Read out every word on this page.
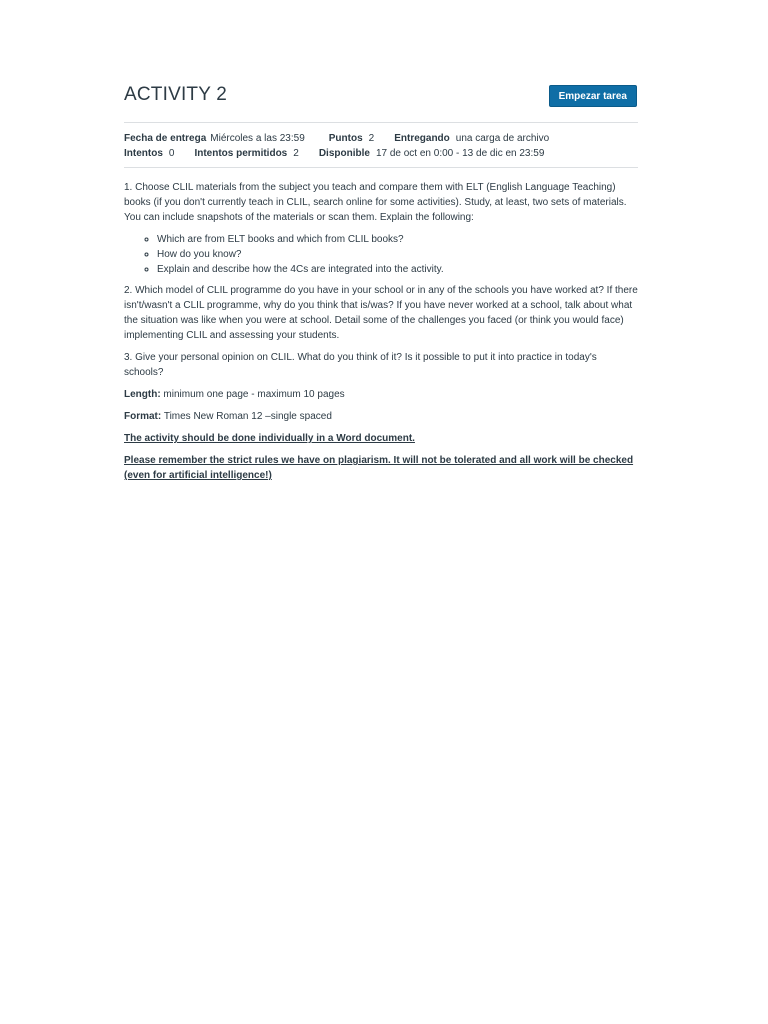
ACTIVITY 2	Empezar tarea
Fecha de entrega Miércoles a las 23:59 Puntos 2 Entregando una carga de archivo
Intentos 0 Intentos permitidos 2 Disponible 17 de oct en 0:00 - 13 de dic en 23:59

1. Choose CLIL materials from the subject you teach and compare them with ELT (English Language Teaching) books (if you don't currently teach in CLIL, search online for some activities). Study, at least, two sets of materials. You can include snapshots of the materials or scan them. Explain the following:

◦ Which are from ELT books and which from CLIL books?
◦ How do you know?
◦ Explain and describe how the 4Cs are integrated into the activity.

2. Which model of CLIL programme do you have in your school or in any of the schools you have worked at? If there isn't/wasn't a CLIL programme, why do you think that is/was? If you have never worked at a school, talk about what the situation was like when you were at school. Detail some of the challenges you faced (or think you would face) implementing CLIL and assessing your students.

3. Give your personal opinion on CLIL. What do you think of it? Is it possible to put it into practice in today's schools?

Length: minimum one page - maximum 10 pages

Format: Times New Roman 12 –single spaced

The activity should be done individually in a Word document.

Please remember the strict rules we have on plagiarism. It will not be tolerated and all work will be checked (even for artificial intelligence!)
